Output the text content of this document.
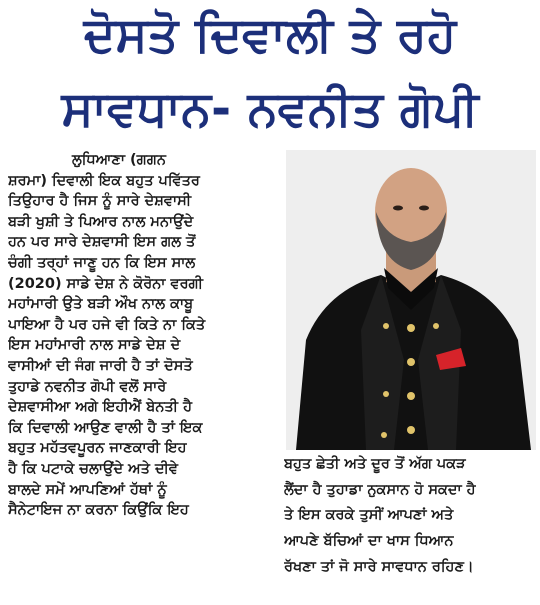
ਦੋਸਤੋ ਦਿਵਾਲੀ ਤੇ ਰਹੋ
ਸਾਵਧਾਨ- ਨਵਨੀਤ ਗੋਪੀ
ਲੁਧਿਆਣਾ (ਗਗਨ
ਸ਼ਰਮਾ) ਦਿਵਾਲੀ ਇਕ ਬਹੁਤ ਪਵਿੱਤਰ
ਤਿਉਹਾਰ ਹੈ ਜਿਸ ਨੂੰ ਸਾਰੇ ਦੇਸ਼ਵਾਸੀ
ਬੜੀ ਖੁਸ਼ੀ ਤੇ ਪਿਆਰ ਨਾਲ ਮਨਾਉਂਦੇ
ਹਨ ਪਰ ਸਾਰੇ ਦੇਸ਼ਵਾਸੀ ਇਸ ਗਲ ਤੋਂ
ਚੰਗੀ ਤਰ੍ਹਾਂ ਜਾਣੂ ਹਨ ਕਿ ਇਸ ਸਾਲ
(2020) ਸਾਡੇ ਦੇਸ਼ ਨੇ ਕੋਰੋਨਾ ਵਰਗੀ
ਮਹਾਂਮਾਰੀ ਉਤੇ ਬੜੀ ਔਖ ਨਾਲ ਕਾਬੂ
ਪਾਇਆ ਹੈ ਪਰ ਹਜੇ ਵੀ ਕਿਤੇ ਨਾ ਕਿਤੇ
ਇਸ ਮਹਾਂਮਾਰੀ ਨਾਲ ਸਾਡੇ ਦੇਸ਼ ਦੇ
ਵਾਸੀਆਂ ਦੀ ਜੰਗ ਜਾਰੀ ਹੈ ਤਾਂ ਦੋਸਤੋ
ਤੁਹਾਡੇ ਨਵਨੀਤ ਗੋਪੀ ਵਲੋਂ ਸਾਰੇ
ਦੇਸ਼ਵਾਸੀਆ ਅਗੇ ਇਹੀਐਂ ਬੇਨਤੀ ਹੈ
ਕਿ ਦਿਵਾਲੀ ਆਉਣ ਵਾਲੀ ਹੈ ਤਾਂ ਇਕ
ਬਹੁਤ ਮਹੱਤਵਪੂਰਨ ਜਾਣਕਾਰੀ ਇਹ
ਹੈ ਕਿ ਪਟਾਕੇ ਚਲਾਉਂਦੇ ਅਤੇ ਦੀਵੇ
ਬਾਲਦੇ ਸਮੇਂ ਆਪਣਿਆਂ ਹੱਥਾਂ ਨੂੰ
ਸੈਨੇਟਾਇਜ ਨਾ ਕਰਨਾ ਕਿਉਂਕਿ ਇਹ
ਬਹੁਤ ਛੇਤੀ ਅਤੇ ਦੂਰ ਤੋਂ ਅੱਗ ਪਕੜ
ਲੈਂਦਾ ਹੈ ਤੁਹਾਡਾ ਨੁਕਸਾਨ ਹੋ ਸਕਦਾ ਹੈ
ਤੇ ਇਸ ਕਰਕੇ ਤੁਸੀਂ ਆਪਣਾਂ ਅਤੇ
ਆਪਣੇ ਬੱਚਿਆਂ ਦਾ ਖਾਸ ਧਿਆਨ
ਰੱਖਣਾ ਤਾਂ ਜੋ ਸਾਰੇ ਸਾਵਧਾਨ ਰਹਿਣ।
